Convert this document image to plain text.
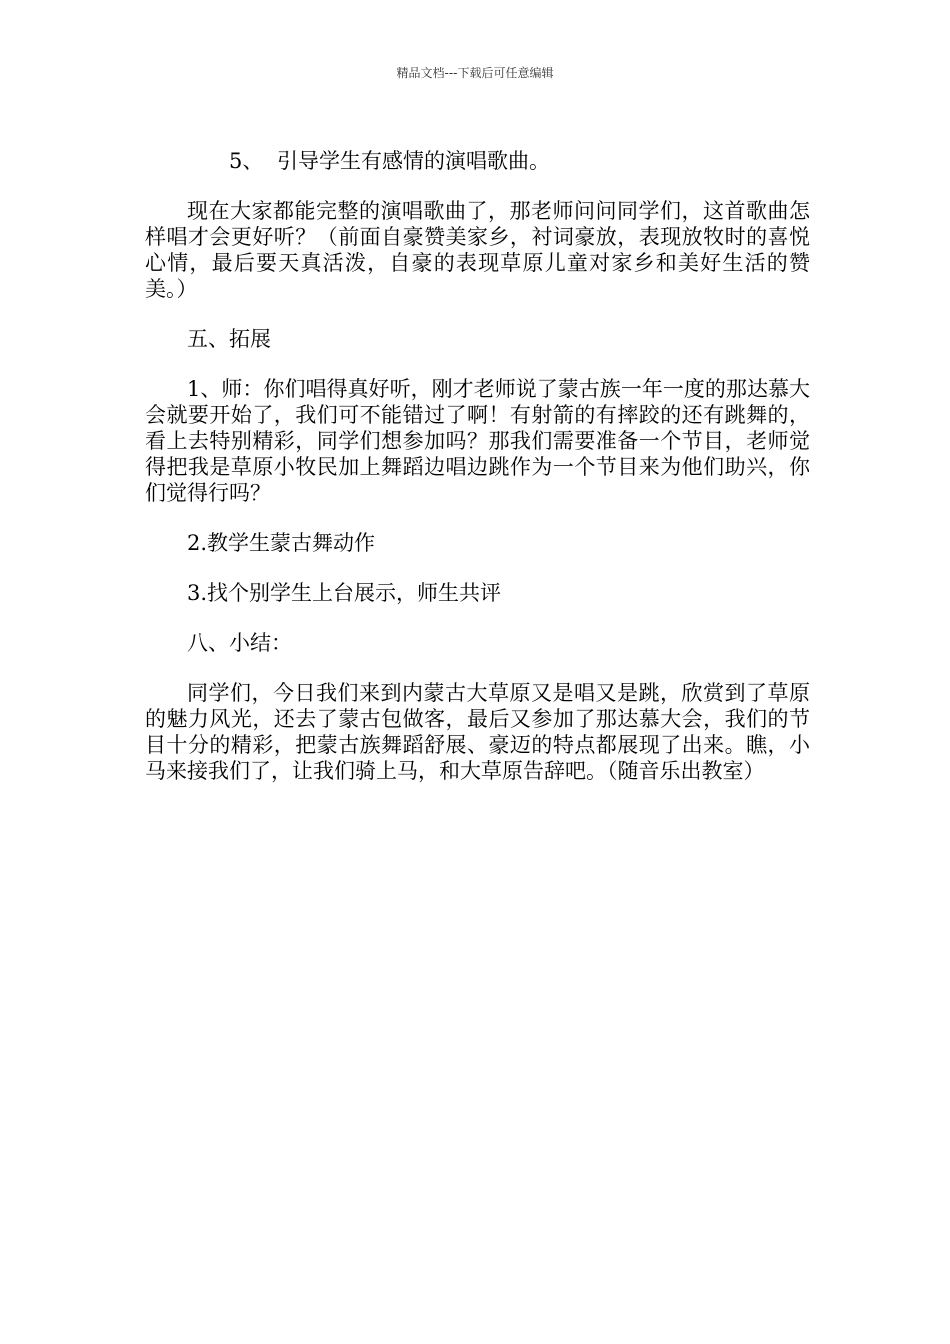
精品文档---下载后可任意编辑

5、 引导学生有感情的演唱歌曲。

现在大家都能完整的演唱歌曲了，那老师问问同学们，这首歌曲怎样唱才会更好听？（前面自豪赞美家乡，衬词豪放，表现放牧时的喜悦心情，最后要天真活泼，自豪的表现草原儿童对家乡和美好生活的赞美。）

五、拓展

1、师：你们唱得真好听，刚才老师说了蒙古族一年一度的那达慕大会就要开始了，我们可不能错过了啊！有射箭的有摔跤的还有跳舞的，看上去特别精彩，同学们想参加吗？那我们需要准备一个节目，老师觉得把我是草原小牧民加上舞蹈边唱边跳作为一个节目来为他们助兴，你们觉得行吗？

2.教学生蒙古舞动作

3.找个别学生上台展示，师生共评

八、小结：

同学们，今日我们来到内蒙古大草原又是唱又是跳，欣赏到了草原的魅力风光，还去了蒙古包做客，最后又参加了那达慕大会，我们的节目十分的精彩，把蒙古族舞蹈舒展、豪迈的特点都展现了出来。瞧，小马来接我们了，让我们骑上马，和大草原告辞吧。（随音乐出教室）
